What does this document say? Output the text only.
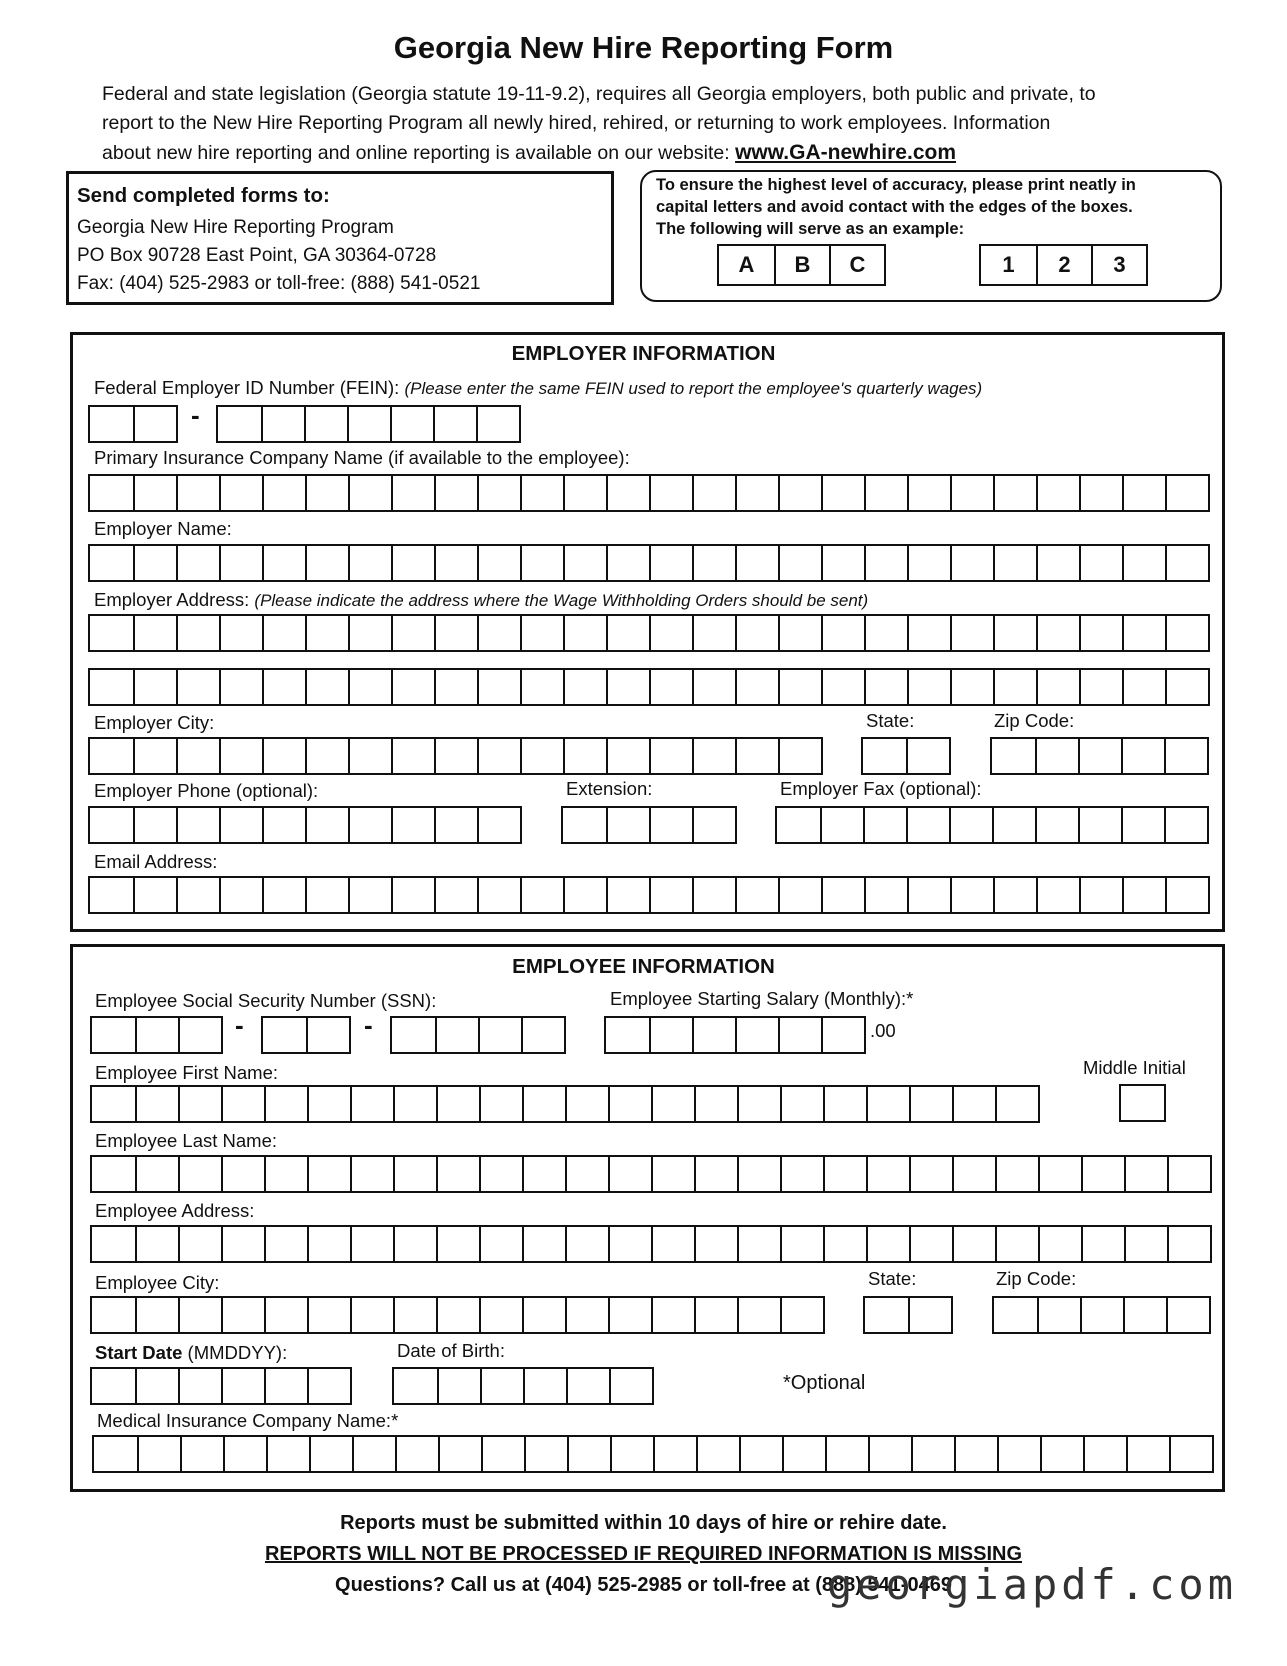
Georgia New Hire Reporting Form
Federal and state legislation (Georgia statute 19-11-9.2), requires all Georgia employers, both public and private, to
report to the New Hire Reporting Program all newly hired, rehired, or returning to work employees. Information
about new hire reporting and online reporting is available on our website: www.GA-newhire.com
Send completed forms to:
Georgia New Hire Reporting Program
PO Box 90728 East Point, GA 30364-0728
Fax: (404) 525-2983 or toll-free: (888) 541-0521
To ensure the highest level of accuracy, please print neatly in
capital letters and avoid contact with the edges of the boxes.
The following will serve as an example:
A	B	C	1	2	3
EMPLOYER INFORMATION
Federal Employer ID Number (FEIN): (Please enter the same FEIN used to report the employee's quarterly wages)
-
Primary Insurance Company Name (if available to the employee):
Employer Name:
Employer Address: (Please indicate the address where the Wage Withholding Orders should be sent)
Employer City:	State:	Zip Code:
Employer Phone (optional):	Extension:	Employer Fax (optional):
Email Address:
EMPLOYEE INFORMATION
Employee Social Security Number (SSN):	Employee Starting Salary (Monthly):*
-	-	.00
Employee First Name:	Middle Initial
Employee Last Name:
Employee Address:
Employee City:	State:	Zip Code:
Start Date (MMDDYY):	Date of Birth:
*Optional
Medical Insurance Company Name:*
Reports must be submitted within 10 days of hire or rehire date.
REPORTS WILL NOT BE PROCESSED IF REQUIRED INFORMATION IS MISSING
Questions? Call us at (404) 525-2985 or toll-free at (888) 541-0469
georgiapdf.com
